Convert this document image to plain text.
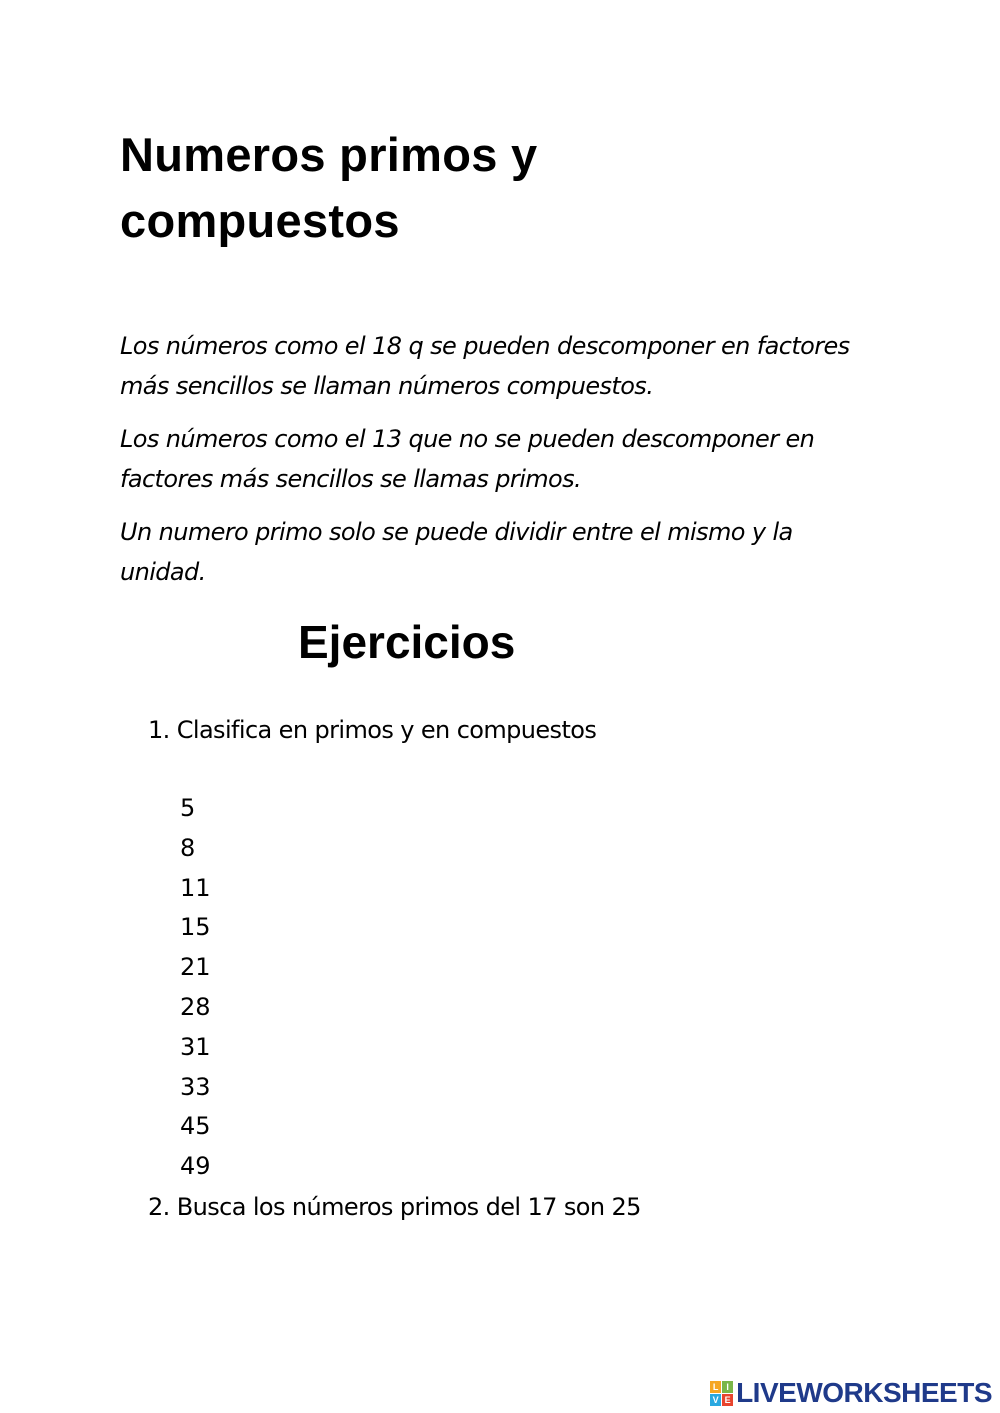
Numeros primos y compuestos

Los números como el 18 q se pueden descomponer en factores más sencillos se llaman números compuestos.

Los números como el 13 que no se pueden descomponer en factores más sencillos se llamas primos.

Un numero primo solo se puede dividir entre el mismo y la unidad.

Ejercicios

1. Clasifica en primos y en compuestos

5
8
11
15
21
28
31
33
45
49

2. Busca los números primos del 17 son 25

L I
V E LIVEWORKSHEETS
